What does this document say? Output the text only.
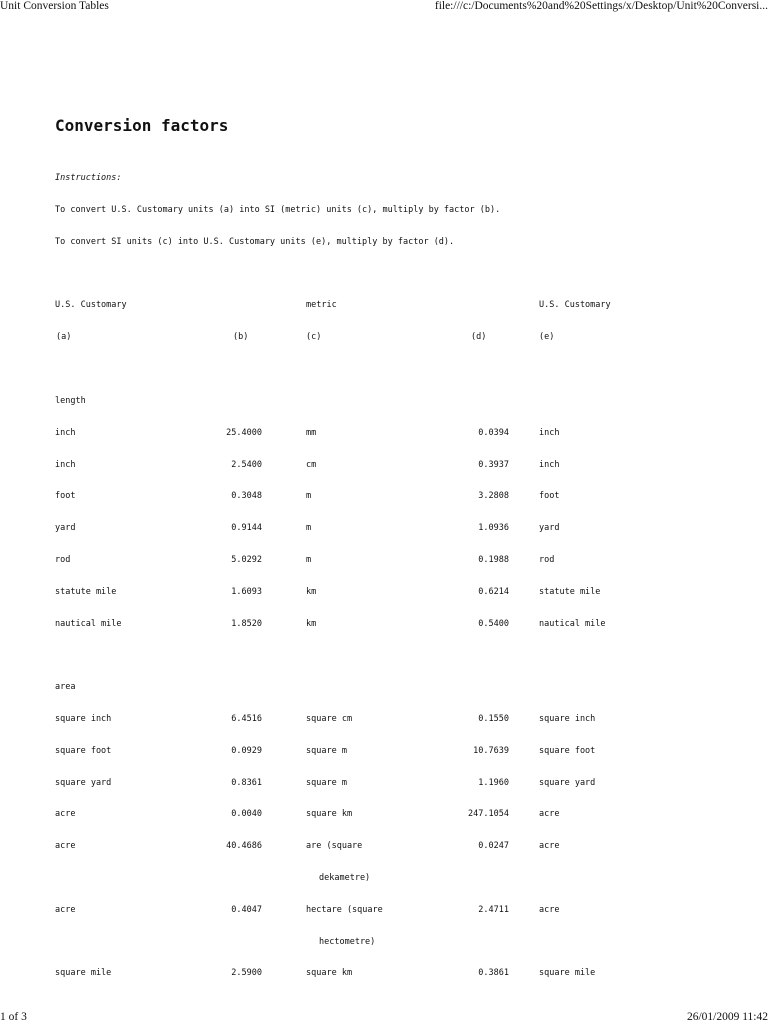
Unit Conversion Tables	file:///c:/Documents%20and%20Settings/x/Desktop/Unit%20Conversi...
Conversion factors
Instructions:
To convert U.S. Customary units (a) into SI (metric) units (c), multiply by factor (b).
To convert SI units (c) into U.S. Customary units (e), multiply by factor (d).
U.S. Customary	metric	U.S. Customary
(a)	(b)	(c)	(d)	(e)
length
inch	25.4000	mm	0.0394	inch
inch	2.5400	cm	0.3937	inch
foot	0.3048	m	3.2808	foot
yard	0.9144	m	1.0936	yard
rod	5.0292	m	0.1988	rod
statute mile	1.6093	km	0.6214	statute mile
nautical mile	1.8520	km	0.5400	nautical mile
area
square inch	6.4516	square cm	0.1550	square inch
square foot	0.0929	square m	10.7639	square foot
square yard	0.8361	square m	1.1960	square yard
acre	0.0040	square km	247.1054	acre
acre	40.4686	are (square	0.0247	acre
dekametre)
acre	0.4047	hectare (square	2.4711	acre
hectometre)
square mile	2.5900	square km	0.3861	square mile
1 of 3	26/01/2009 11:42
